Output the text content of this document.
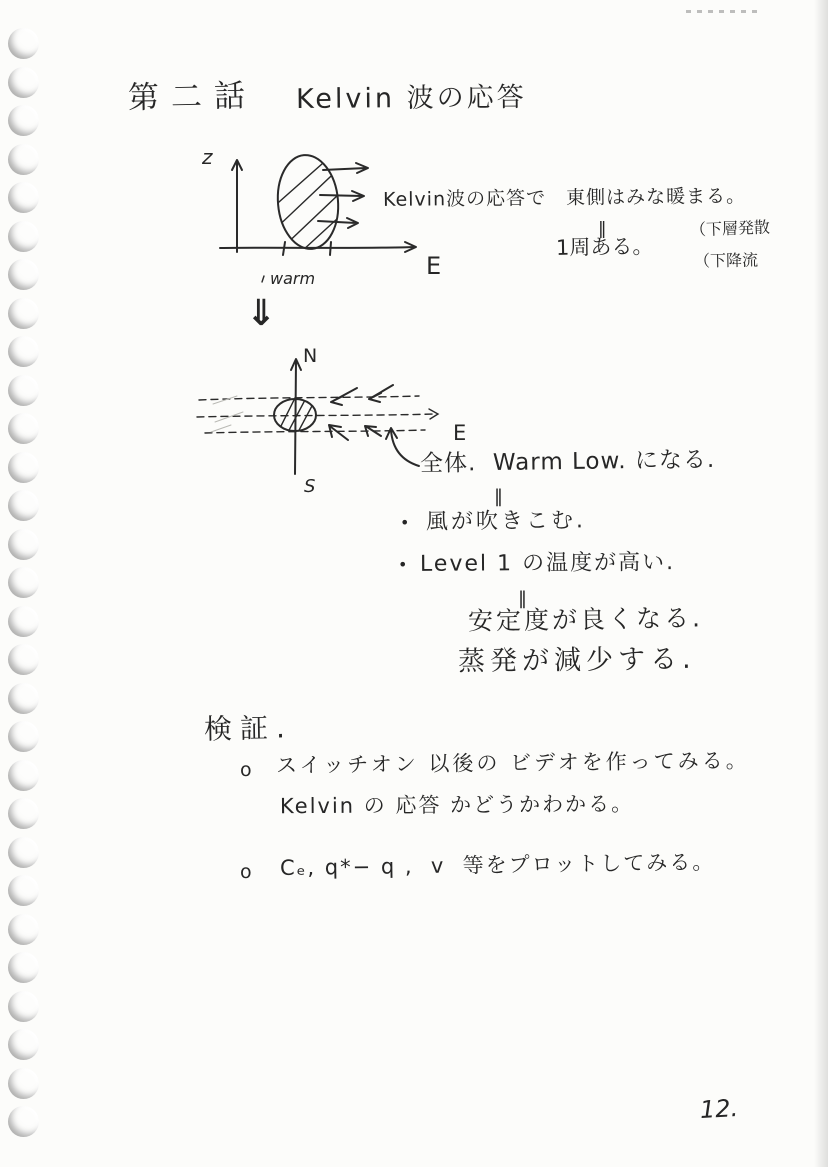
第二話 Kelvin 波の応答
z
E
warm
Kelvin波の応答で　東側はみな暖まる。
‖
1周ある。
（下層発散
（下降流
⇓
N
S
E
全体.  Warm Low. になる.
‖
• 風が吹きこむ.
• Level 1 の温度が高い.
‖
安定度が良くなる.
蒸発が減少する.
検証.
o スイッチオン 以後の ビデオを作ってみる。
Kelvin の 応答 かどうかわかる。
o Cₑ, q*− q ,  v  等をプロットしてみる。
12.
